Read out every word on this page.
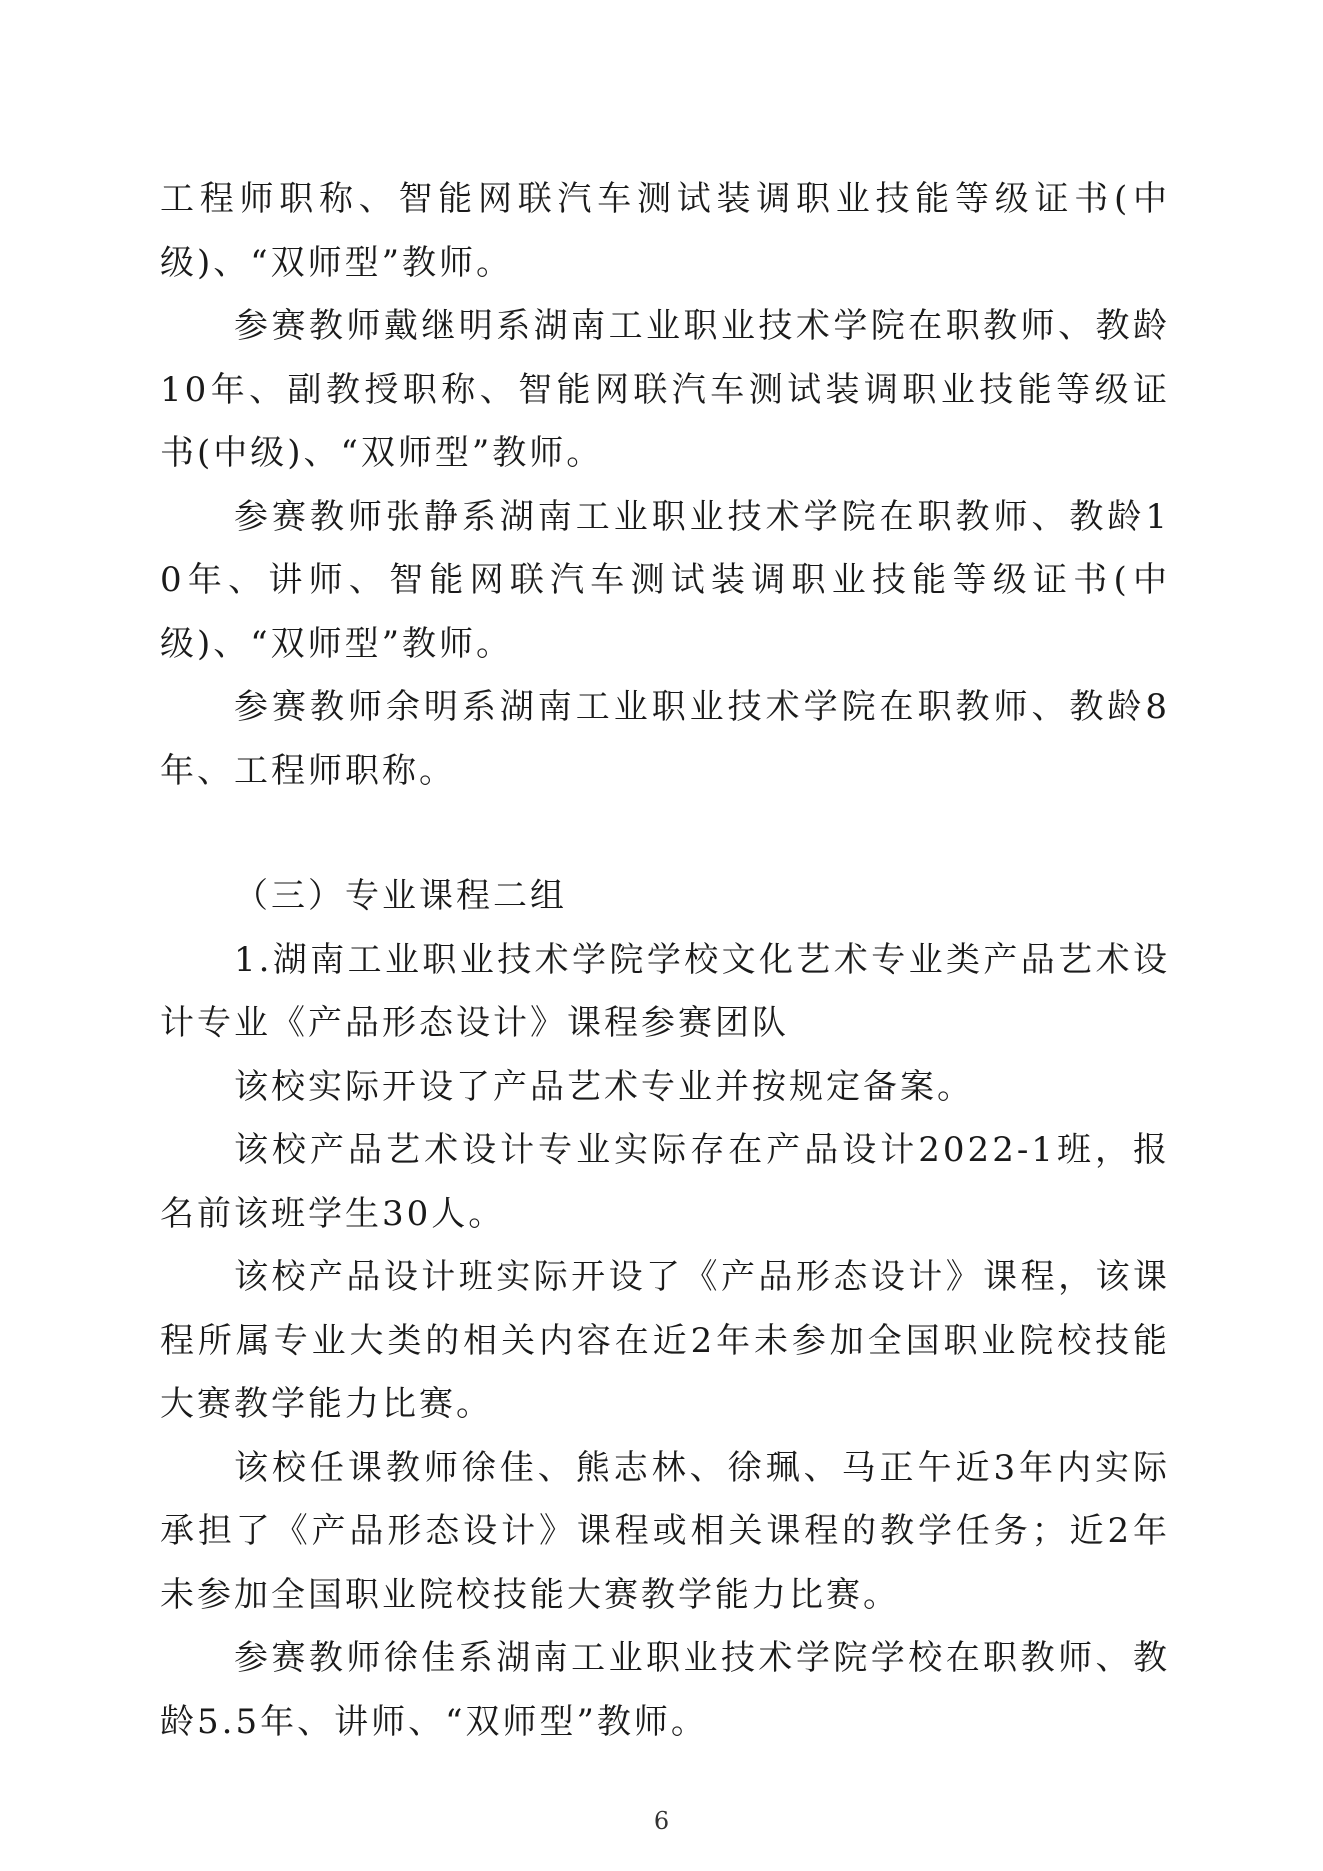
工程师职称、智能网联汽车测试装调职业技能等级证书(中级)、“双师型”教师。

参赛教师戴继明系湖南工业职业技术学院在职教师、教龄10年、副教授职称、智能网联汽车测试装调职业技能等级证书(中级)、“双师型”教师。

参赛教师张静系湖南工业职业技术学院在职教师、教龄10年、讲师、智能网联汽车测试装调职业技能等级证书(中级)、“双师型”教师。

参赛教师余明系湖南工业职业技术学院在职教师、教龄8年、工程师职称。

（三）专业课程二组

1.湖南工业职业技术学院学校文化艺术专业类产品艺术设计专业《产品形态设计》课程参赛团队

该校实际开设了产品艺术专业并按规定备案。

该校产品艺术设计专业实际存在产品设计2022-1班，报名前该班学生30人。

该校产品设计班实际开设了《产品形态设计》课程，该课程所属专业大类的相关内容在近2年未参加全国职业院校技能大赛教学能力比赛。

该校任课教师徐佳、熊志林、徐珮、马正午近3年内实际承担了《产品形态设计》课程或相关课程的教学任务；近2年未参加全国职业院校技能大赛教学能力比赛。

参赛教师徐佳系湖南工业职业技术学院学校在职教师、教龄5.5年、讲师、“双师型”教师。

6
